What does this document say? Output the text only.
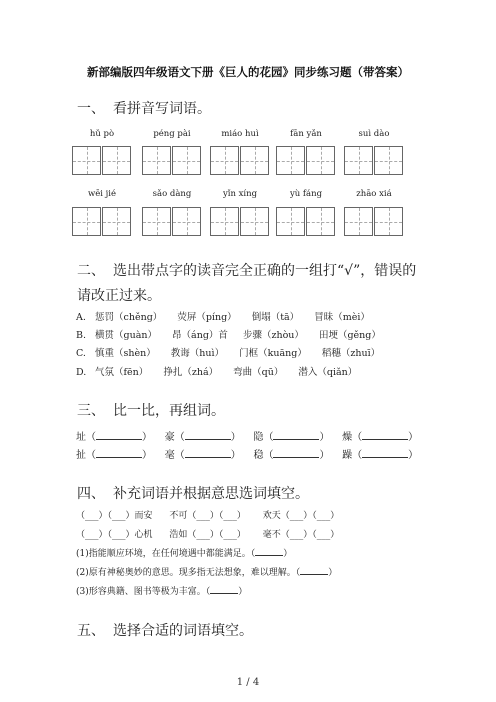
新部编版四年级语文下册《巨人的花园》同步练习题（带答案）
一、 看拼音写词语。
hǔ pò	péng pài	miáo huì	fān yǎn	suì dào
wēi jié	sǎo dàng	yǐn xíng	yù fáng	zhāo xiá
二、 选出带点字的读音完全正确的一组打“√”，错误的
请改正过来。
A. 惩罚（chěng） 荧屏（píng） 倒塌（tā） 冒昧（mèi）
B. 横贯（guàn） 昂（áng）首 步骤（zhòu） 田埂（gěng）
C. 慎重（shèn） 教诲（huì） 门框（kuāng） 稻穗（zhuī）
D. 气氛（fēn） 挣扎（zhá） 弯曲（qū） 潜入（qiǎn）
三、 比一比，再组词。
址（	）    豪（	）    隐（	）    燥（	）
扯（	）    毫（	）    稳（	）    躁（	）
四、 补充词语并根据意思选词填空。
（___）（___）而安 不可（___）（___） 欢天（___）（___）
（___）（___）心机 浩如（___）（___） 毫不（___）（___）
(1)指能顺应环境，在任何境遇中都能满足。（	）
(2)原有神秘奥妙的意思。现多指无法想象，难以理解。（	）
(3)形容典籍、图书等极为丰富。（	）
五、 选择合适的词语填空。
1 / 4
